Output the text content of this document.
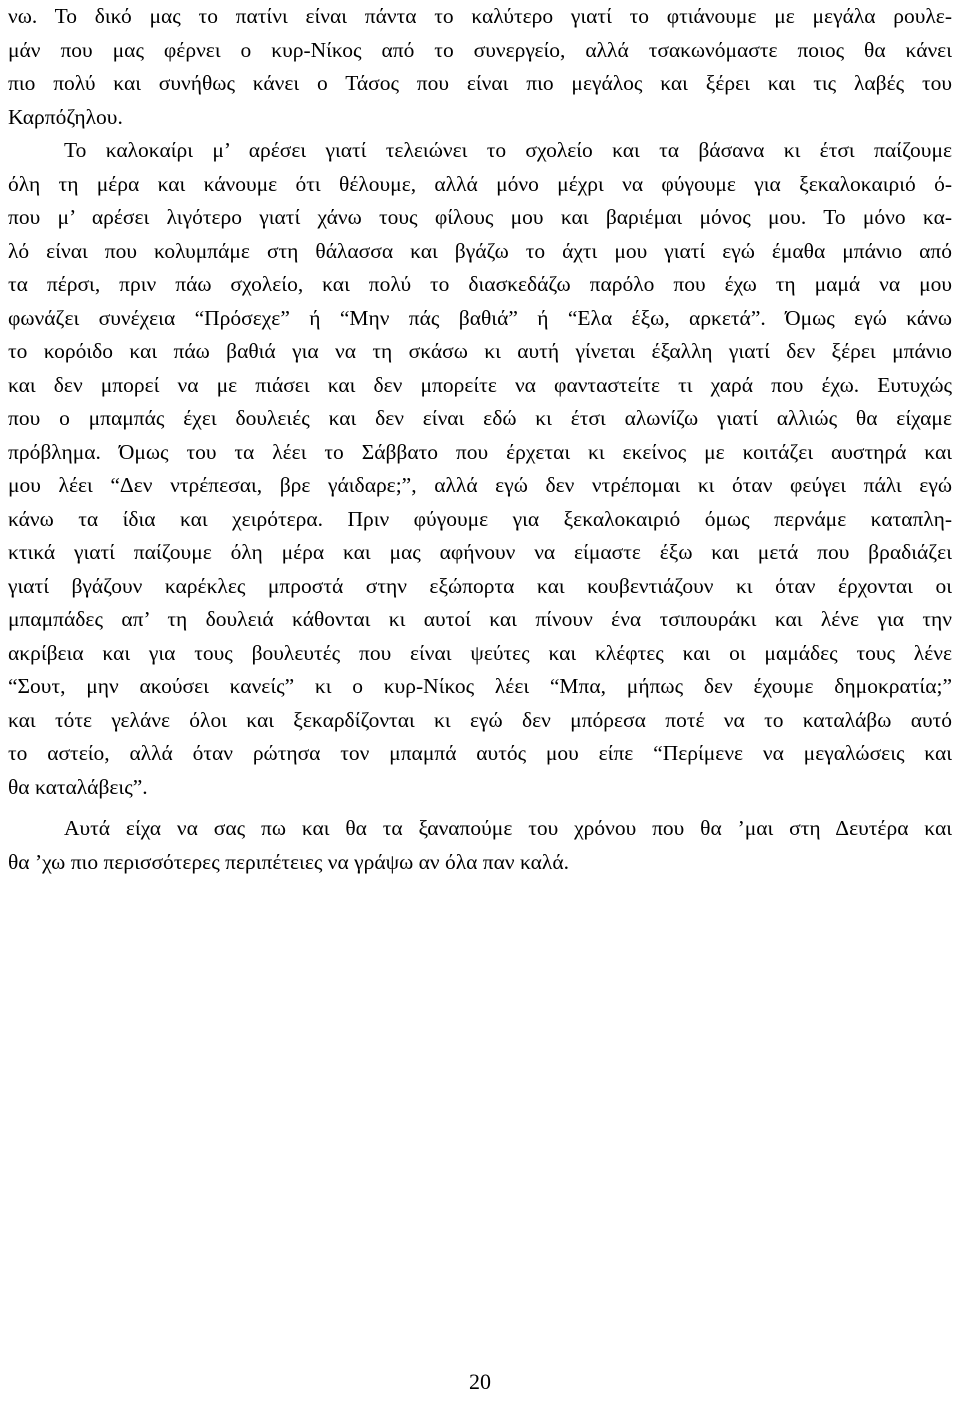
νω. Το δικό μας το πατίνι είναι πάντα το καλύτερο γιατί το φτιάνουμε με μεγάλα ρουλε-
μάν που μας φέρνει ο κυρ-Νίκος από το συνεργείο, αλλά τσακωνόμαστε ποιος θα κάνει
πιο πολύ και συνήθως κάνει ο Τάσος που είναι πιο μεγάλος και ξέρει και τις λαβές του
Καρπόζηλου.
Το καλοκαίρι μ’ αρέσει γιατί τελειώνει το σχολείο και τα βάσανα κι έτσι παίζουμε
όλη τη μέρα και κάνουμε ότι θέλουμε, αλλά μόνο μέχρι να φύγουμε για ξεκαλοκαιριό ό-
που μ’ αρέσει λιγότερο γιατί χάνω τους φίλους μου και βαριέμαι μόνος μου. Το μόνο κα-
λό είναι που κολυμπάμε στη θάλασσα και βγάζω το άχτι μου γιατί εγώ έμαθα μπάνιο από
τα πέρσι, πριν πάω σχολείο, και πολύ το διασκεδάζω παρόλο που έχω τη μαμά να μου
φωνάζει συνέχεια “Πρόσεχε” ή “Μην πάς βαθιά” ή “Ελα έξω, αρκετά”. Όμως εγώ κάνω
το κορόιδο και πάω βαθιά για να τη σκάσω κι αυτή γίνεται έξαλλη γιατί δεν ξέρει μπάνιο
και δεν μπορεί να με πιάσει και δεν μπορείτε να φανταστείτε τι χαρά που έχω. Ευτυχώς
που ο μπαμπάς έχει δουλειές και δεν είναι εδώ κι έτσι αλωνίζω γιατί αλλιώς θα είχαμε
πρόβλημα. Όμως του τα λέει το Σάββατο που έρχεται κι εκείνος με κοιτάζει αυστηρά και
μου λέει “Δεν ντρέπεσαι, βρε γάιδαρε;”, αλλά εγώ δεν ντρέπομαι κι όταν φεύγει πάλι εγώ
κάνω τα ίδια και χειρότερα. Πριν φύγουμε για ξεκαλοκαιριό όμως περνάμε καταπλη-
κτικά γιατί παίζουμε όλη μέρα και μας αφήνουν να είμαστε έξω και μετά που βραδιάζει
γιατί βγάζουν καρέκλες μπροστά στην εξώπορτα και κουβεντιάζουν κι όταν έρχονται οι
μπαμπάδες απ’ τη δουλειά κάθονται κι αυτοί και πίνουν ένα τσιπουράκι και λένε για την
ακρίβεια και για τους βουλευτές που είναι ψεύτες και κλέφτες και οι μαμάδες τους λένε
“Σουτ, μην ακούσει κανείς” κι ο κυρ-Νίκος λέει “Μπα, μήπως δεν έχουμε δημοκρατία;”
και τότε γελάνε όλοι και ξεκαρδίζονται κι εγώ δεν μπόρεσα ποτέ να το καταλάβω αυτό
το αστείο, αλλά όταν ρώτησα τον μπαμπά αυτός μου είπε “Περίμενε να μεγαλώσεις και
θα καταλάβεις”.
Αυτά είχα να σας πω και θα τα ξαναπούμε του χρόνου που θα ’μαι στη Δευτέρα και
θα ’χω πιο περισσότερες περιπέτειες να γράψω αν όλα παν καλά.
20
